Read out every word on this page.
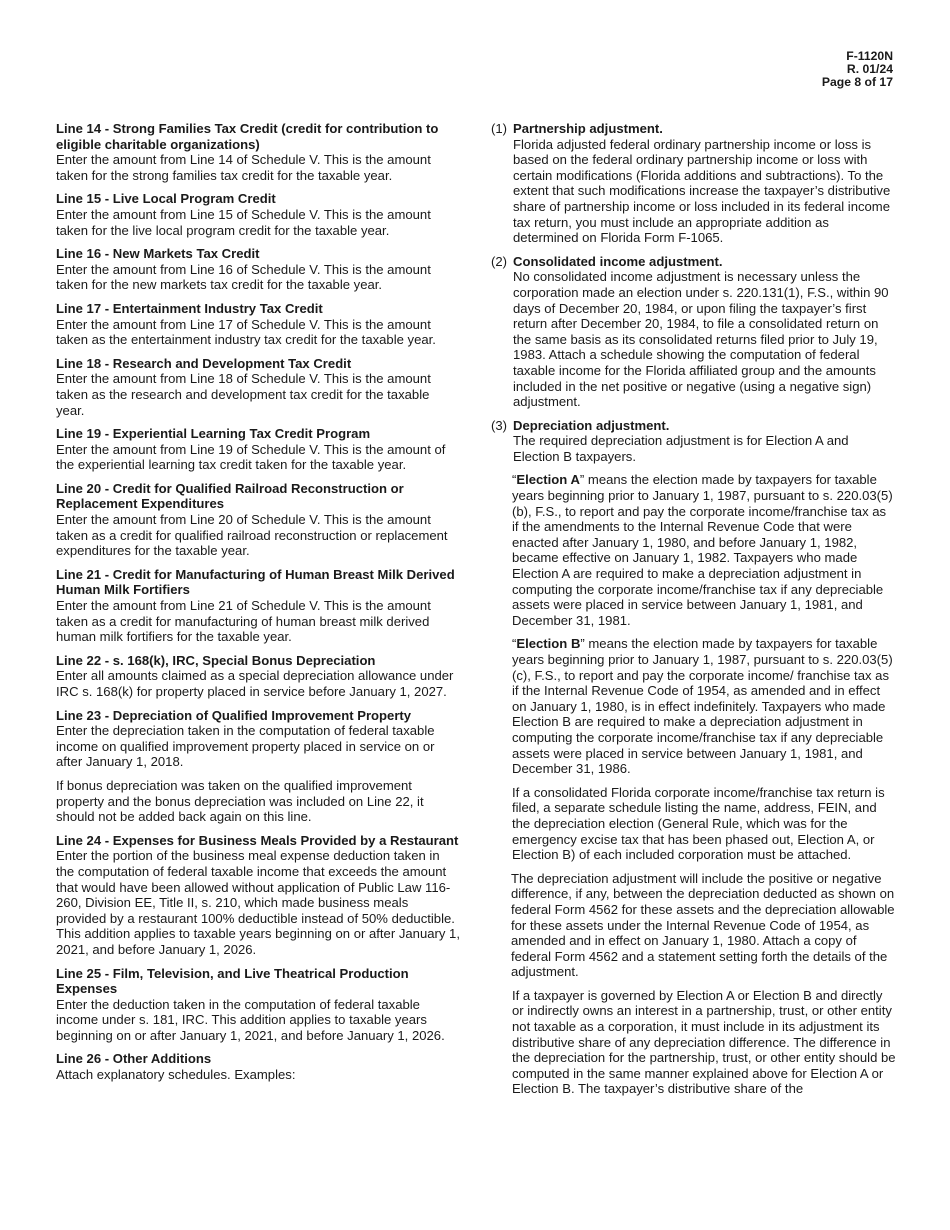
F-1120N
R. 01/24
Page 8 of 17
Line 14 - Strong Families Tax Credit (credit for contribution to eligible charitable organizations)
Enter the amount from Line 14 of Schedule V. This is the amount taken for the strong families tax credit for the taxable year.
Line 15 - Live Local Program Credit
Enter the amount from Line 15 of Schedule V. This is the amount taken for the live local program credit for the taxable year.
Line 16 - New Markets Tax Credit
Enter the amount from Line 16 of Schedule V. This is the amount taken for the new markets tax credit for the taxable year.
Line 17 - Entertainment Industry Tax Credit
Enter the amount from Line 17 of Schedule V. This is the amount taken as the entertainment industry tax credit for the taxable year.
Line 18 - Research and Development Tax Credit
Enter the amount from Line 18 of Schedule V. This is the amount taken as the research and development tax credit for the taxable year.
Line 19 - Experiential Learning Tax Credit Program
Enter the amount from Line 19 of Schedule V. This is the amount of the experiential learning tax credit taken for the taxable year.
Line 20 - Credit for Qualified Railroad Reconstruction or Replacement Expenditures
Enter the amount from Line 20 of Schedule V. This is the amount taken as a credit for qualified railroad reconstruction or replacement expenditures for the taxable year.
Line 21 - Credit for Manufacturing of Human Breast Milk Derived Human Milk Fortifiers
Enter the amount from Line 21 of Schedule V. This is the amount taken as a credit for manufacturing of human breast milk derived human milk fortifiers for the taxable year.
Line 22 - s. 168(k), IRC, Special Bonus Depreciation
Enter all amounts claimed as a special depreciation allowance under IRC s. 168(k) for property placed in service before January 1, 2027.
Line 23 - Depreciation of Qualified Improvement Property
Enter the depreciation taken in the computation of federal taxable income on qualified improvement property placed in service on or after January 1, 2018.
If bonus depreciation was taken on the qualified improvement property and the bonus depreciation was included on Line 22, it should not be added back again on this line.
Line 24 - Expenses for Business Meals Provided by a Restaurant
Enter the portion of the business meal expense deduction taken in the computation of federal taxable income that exceeds the amount that would have been allowed without application of Public Law 116-260, Division EE, Title II, s. 210, which made business meals provided by a restaurant 100% deductible instead of 50% deductible. This addition applies to taxable years beginning on or after January 1, 2021, and before January 1, 2026.
Line 25 - Film, Television, and Live Theatrical Production Expenses
Enter the deduction taken in the computation of federal taxable income under s. 181, IRC. This addition applies to taxable years beginning on or after January 1, 2021, and before January 1, 2026.
Line 26 - Other Additions
Attach explanatory schedules. Examples:
(1) Partnership adjustment.
Florida adjusted federal ordinary partnership income or loss is based on the federal ordinary partnership income or loss with certain modifications (Florida additions and subtractions). To the extent that such modifications increase the taxpayer’s distributive share of partnership income or loss included in its federal income tax return, you must include an appropriate addition as determined on Florida Form F-1065.
(2) Consolidated income adjustment.
No consolidated income adjustment is necessary unless the corporation made an election under s. 220.131(1), F.S., within 90 days of December 20, 1984, or upon filing the taxpayer’s first return after December 20, 1984, to file a consolidated return on the same basis as its consolidated returns filed prior to July 19, 1983. Attach a schedule showing the computation of federal taxable income for the Florida affiliated group and the amounts included in the net positive or negative (using a negative sign) adjustment.
(3) Depreciation adjustment.
The required depreciation adjustment is for Election A and Election B taxpayers.
“Election A” means the election made by taxpayers for taxable years beginning prior to January 1, 1987, pursuant to s. 220.03(5)(b), F.S., to report and pay the corporate income/franchise tax as if the amendments to the Internal Revenue Code that were enacted after January 1, 1980, and before January 1, 1982, became effective on January 1, 1982. Taxpayers who made Election A are required to make a depreciation adjustment in computing the corporate income/franchise tax if any depreciable assets were placed in service between January 1, 1981, and December 31, 1981.
“Election B” means the election made by taxpayers for taxable years beginning prior to January 1, 1987, pursuant to s. 220.03(5)(c), F.S., to report and pay the corporate income/ franchise tax as if the Internal Revenue Code of 1954, as amended and in effect on January 1, 1980, is in effect indefinitely. Taxpayers who made Election B are required to make a depreciation adjustment in computing the corporate income/franchise tax if any depreciable assets were placed in service between January 1, 1981, and December 31, 1986.
If a consolidated Florida corporate income/franchise tax return is filed, a separate schedule listing the name, address, FEIN, and the depreciation election (General Rule, which was for the emergency excise tax that has been phased out, Election A, or Election B) of each included corporation must be attached.
The depreciation adjustment will include the positive or negative difference, if any, between the depreciation deducted as shown on federal Form 4562 for these assets and the depreciation allowable for these assets under the Internal Revenue Code of 1954, as amended and in effect on January 1, 1980. Attach a copy of federal Form 4562 and a statement setting forth the details of the adjustment.
If a taxpayer is governed by Election A or Election B and directly or indirectly owns an interest in a partnership, trust, or other entity not taxable as a corporation, it must include in its adjustment its distributive share of any depreciation difference. The difference in the depreciation for the partnership, trust, or other entity should be computed in the same manner explained above for Election A or Election B. The taxpayer’s distributive share of the
